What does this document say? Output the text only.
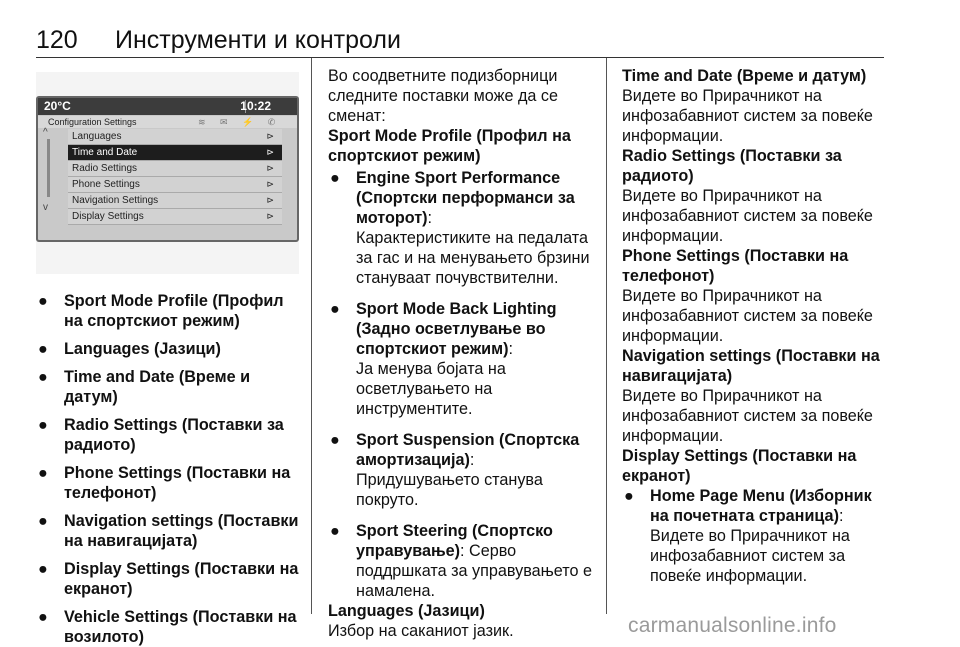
120 Инструменти и контроли
20°C	10:22
Configuration Settings	≋ ✉ ⚡ ✆
^
v
Languages	⊳
Time and Date	⊳
Radio Settings	⊳
Phone Settings	⊳
Navigation Settings	⊳
Display Settings	⊳
● Sport Mode Profile (Профил на спортскиот режим)
● Languages (Јазици)
● Time and Date (Време и датум)
● Radio Settings (Поставки за радиото)
● Phone Settings (Поставки на телефонот)
● Navigation settings (Поставки на навигацијата)
● Display Settings (Поставки на екранот)
● Vehicle Settings (Поставки на возилото)

Во соодветните подизборници следните поставки може да се сменат:

Sport Mode Profile (Профил на спортскиот режим)

● Engine Sport Performance (Спортски перформанси за моторот):

Карактеристиките на педалата за гас и на менувањето брзини стануваат почувствителни.

● Sport Mode Back Lighting (Задно осветлување во спортскиот режим):

Ја менува бојата на осветлувањето на инструментите.

● Sport Suspension (Спортска амортизација):

Придушувањето станува покруто.

● Sport Steering (Спортско управување): Серво поддршката за управувањето е намалена.

Languages (Јазици)

Избор на саканиот јазик.

Time and Date (Време и датум)

Видете во Прирачникот на инфозабавниот систем за повеќе информации.

Radio Settings (Поставки за радиото)

Видете во Прирачникот на инфозабавниот систем за повеќе информации.

Phone Settings (Поставки на телефонот)

Видете во Прирачникот на инфозабавниот систем за повеќе информации.

Navigation settings (Поставки на навигацијата)

Видете во Прирачникот на инфозабавниот систем за повеќе информации.

Display Settings (Поставки на екранот)

● Home Page Menu (Изборник на почетната страница):

Видете во Прирачникот на инфозабавниот систем за повеќе информации.

carmanualsonline.info
